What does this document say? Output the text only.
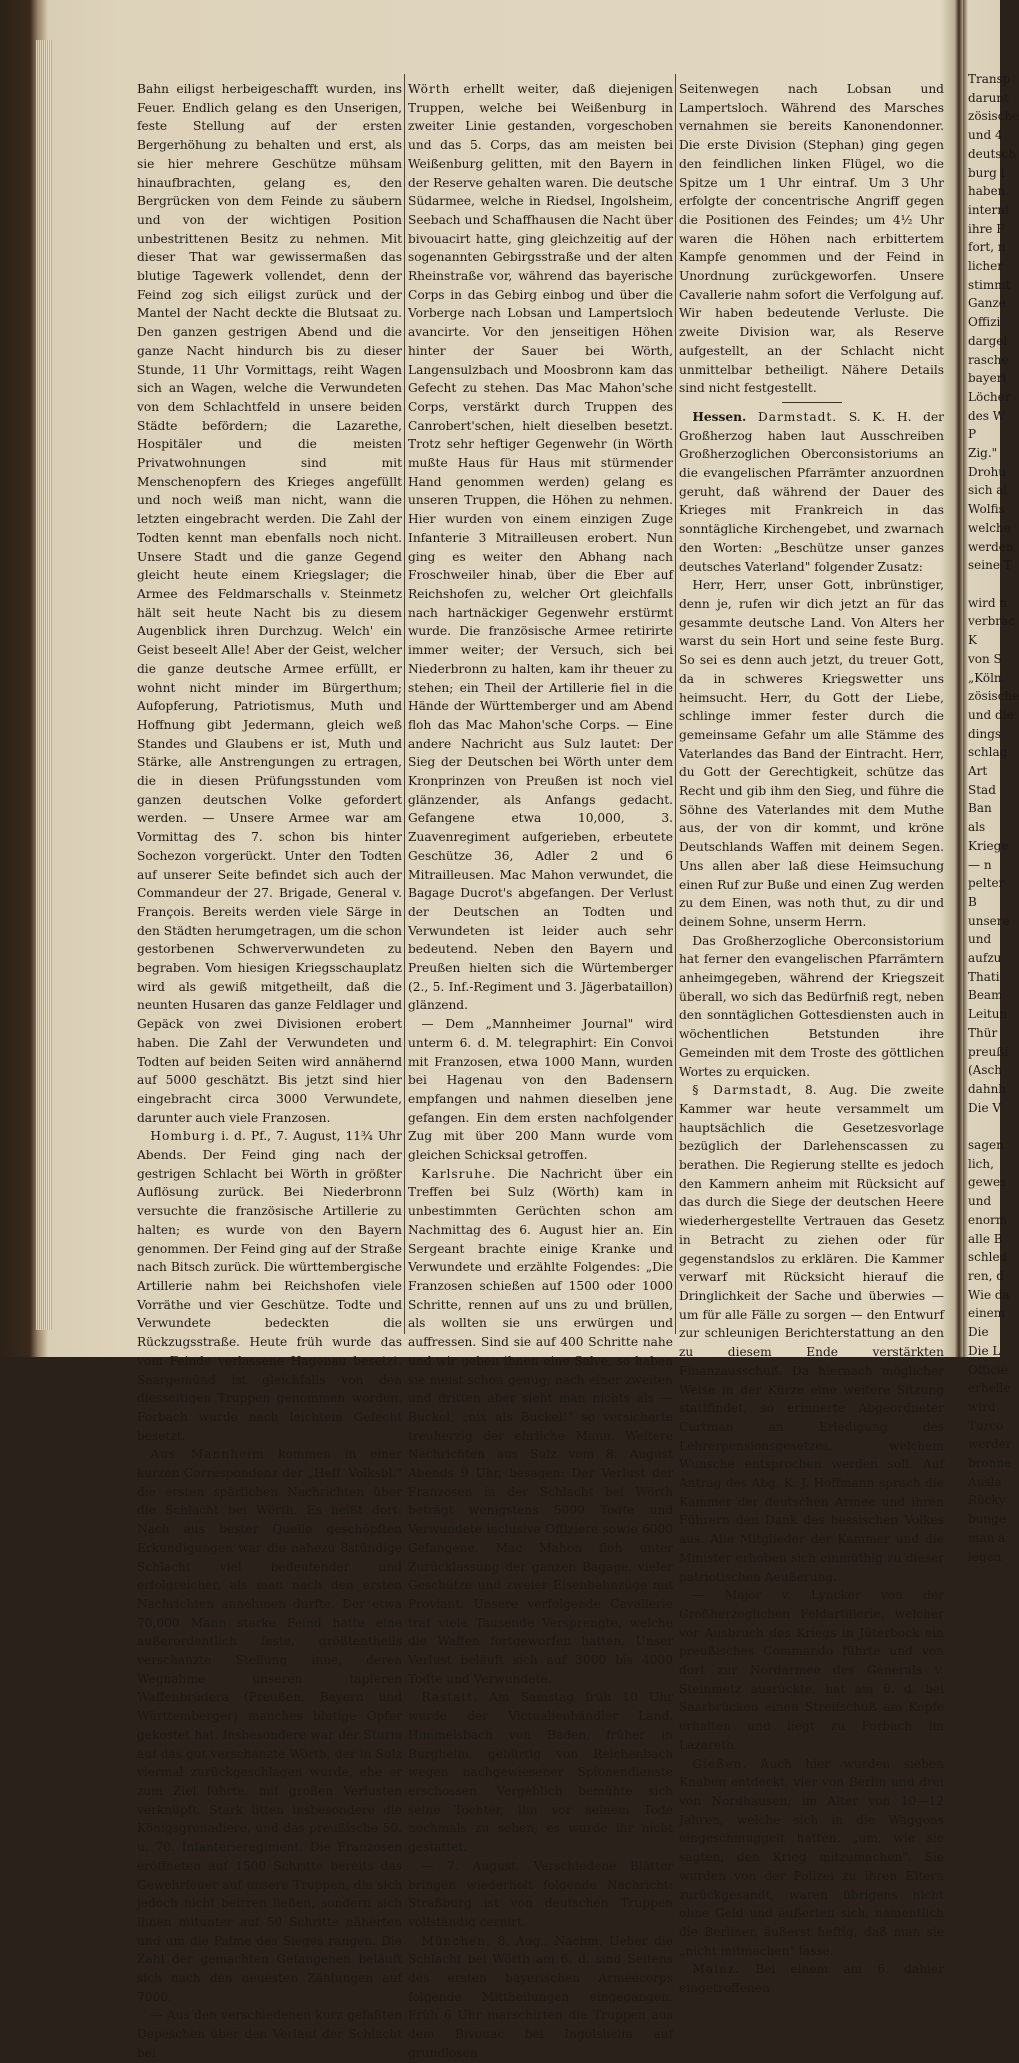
Bahn eiligst herbeigeschafft wurden, ins Feuer. Endlich gelang es den Unserigen, feste Stellung auf der ersten Bergerhöhung zu behalten und erst, als sie hier mehrere Geschütze mühsam hinaufbrachten, gelang es, den Bergrücken von dem Feinde zu säubern und von der wichtigen Position unbestrittenen Besitz zu nehmen. Mit dieser That war gewissermaßen das blutige Tagewerk vollendet, denn der Feind zog sich eiligst zurück und der Mantel der Nacht deckte die Blutsaat zu. Den ganzen gestrigen Abend und die ganze Nacht hindurch bis zu dieser Stunde, 11 Uhr Vormittags, reiht Wagen sich an Wagen, welche die Verwundeten von dem Schlachtfeld in unsere beiden Städte befördern; die Lazarethe, Hospitäler und die meisten Privatwohnungen sind mit Menschenopfern des Krieges angefüllt und noch weiß man nicht, wann die letzten eingebracht werden. Die Zahl der Todten kennt man ebenfalls noch nicht. Unsere Stadt und die ganze Gegend gleicht heute einem Kriegslager; die Armee des Feldmarschalls v. Steinmetz hält seit heute Nacht bis zu diesem Augenblick ihren Durchzug. Welch' ein Geist beseelt Alle! Aber der Geist, welcher die ganze deutsche Armee erfüllt, er wohnt nicht minder im Bürgerthum; Aufopferung, Patriotismus, Muth und Hoffnung gibt Jedermann, gleich weß Standes und Glaubens er ist, Muth und Stärke, alle Anstrengungen zu ertragen, die in diesen Prüfungsstunden vom ganzen deutschen Volke gefordert werden. — Unsere Armee war am Vormittag des 7. schon bis hinter Sochezon vorgerückt. Unter den Todten auf unserer Seite befindet sich auch der Commandeur der 27. Brigade, General v. François. Bereits werden viele Särge in den Städten herumgetragen, um die schon gestorbenen Schwerverwundeten zu begraben. Vom hiesigen Kriegsschauplatz wird als gewiß mitgetheilt, daß die neunten Husaren das ganze Feldlager und Gepäck von zwei Divisionen erobert haben. Die Zahl der Verwundeten und Todten auf beiden Seiten wird annähernd auf 5000 geschätzt. Bis jetzt sind hier eingebracht circa 3000 Verwundete, darunter auch viele Franzosen.

Homburg i. d. Pf., 7. August, 11¾ Uhr Abends. Der Feind ging nach der gestrigen Schlacht bei Wörth in größter Auflösung zurück. Bei Niederbronn versuchte die französische Artillerie zu halten; es wurde von den Bayern genommen. Der Feind ging auf der Straße nach Bitsch zurück. Die württembergische Artillerie nahm bei Reichshofen viele Vorräthe und vier Geschütze. Todte und Verwundete bedeckten die Rückzugsstraße. Heute früh wurde das vom Feinde verlassene Hagenau besetzt. Saargemünd ist gleichfalls von den diesseitigen Truppen genommen worden. Forbach wurde nach leichtem Gefecht besetzt.

Aus Mannheim kommen in einer kurzen Correspondenz der „Heff. Volksbl." die ersten spärlichen Nachrichten über die Schlacht bei Wörth. Es heißt dort: Nach aus bester Quelle geschöpften Erkundigungen war die nahezu 8stündige Schlacht viel bedeutender und erfolgreicher, als man nach den ersten Nachrichten annehmen durfte. Der etwa 70,000 Mann starke Feind hatte eine außerordentlich feste, größtentheils verschanzte Stellung inne, deren Wegnahme unseren tapferen Waffenbrüdera (Preußen, Bayern und Württemberger) manches blutige Opfer gekostet hat. Insbesondere war der Sturm auf das gut verschanzte Wörth, der in Sulz viermal zurückgeschlagen wurde, ehe er zum Ziel führte, mit großen Verlusten verknüpft. Stark litten insbesondere die Königsgrenadiere, und das preußische 50. u. 70. Infanterieregiment. Die Franzosen eröffneten auf 1500 Schritte bereits das Gewehrfeuer auf unsere Truppen, die sich jedoch nicht beirren ließen, sondern sich ihnen mitunter auf 50 Schritte näherten und um die Palme des Sieges rangen. Die Zahl der gemachten Gefangenen beläuft sich nach den neuesten Zählungen auf 7000.

— Aus den verschiedenen kurz gefaßten Depeschen über den Verlauf der Schlacht bei

Wörth erhellt weiter, daß diejenigen Truppen, welche bei Weißenburg in zweiter Linie gestanden, vorgeschoben und das 5. Corps, das am meisten bei Weißenburg gelitten, mit den Bayern in der Reserve gehalten waren. Die deutsche Südarmee, welche in Riedsel, Ingolsheim, Seebach und Schaffhausen die Nacht über bivouacirt hatte, ging gleichzeitig auf der sogenannten Gebirgsstraße und der alten Rheinstraße vor, während das bayerische Corps in das Gebirg einbog und über die Vorberge nach Lobsan und Lampertsloch avancirte. Vor den jenseitigen Höhen hinter der Sauer bei Wörth, Langensulzbach und Moosbronn kam das Gefecht zu stehen. Das Mac Mahon'sche Corps, verstärkt durch Truppen des Canrobert'schen, hielt dieselben besetzt. Trotz sehr heftiger Gegenwehr (in Wörth mußte Haus für Haus mit stürmender Hand genommen werden) gelang es unseren Truppen, die Höhen zu nehmen. Hier wurden von einem einzigen Zuge Infanterie 3 Mitrailleusen erobert. Nun ging es weiter den Abhang nach Froschweiler hinab, über die Eber auf Reichshofen zu, welcher Ort gleichfalls nach hartnäckiger Gegenwehr erstürmt wurde. Die französische Armee retirirte immer weiter; der Versuch, sich bei Niederbronn zu halten, kam ihr theuer zu stehen; ein Theil der Artillerie fiel in die Hände der Württemberger und am Abend floh das Mac Mahon'sche Corps. — Eine andere Nachricht aus Sulz lautet: Der Sieg der Deutschen bei Wörth unter dem Kronprinzen von Preußen ist noch viel glänzender, als Anfangs gedacht. Gefangene etwa 10,000, 3. Zuavenregiment aufgerieben, erbeutete Geschütze 36, Adler 2 und 6 Mitrailleusen. Mac Mahon verwundet, die Bagage Ducrot's abgefangen. Der Verlust der Deutschen an Todten und Verwundeten ist leider auch sehr bedeutend. Neben den Bayern und Preußen hielten sich die Würtemberger (2., 5. Inf.-Regiment und 3. Jägerbataillon) glänzend.

— Dem „Mannheimer Journal" wird unterm 6. d. M. telegraphirt: Ein Convoi mit Franzosen, etwa 1000 Mann, wurden bei Hagenau von den Badensern empfangen und nahmen dieselben jene gefangen. Ein dem ersten nachfolgender Zug mit über 200 Mann wurde vom gleichen Schicksal getroffen.

Karlsruhe. Die Nachricht über ein Treffen bei Sulz (Wörth) kam in unbestimmten Gerüchten schon am Nachmittag des 6. August hier an. Ein Sergeant brachte einige Kranke und Verwundete und erzählte Folgendes: „Die Franzosen schießen auf 1500 oder 1000 Schritte, rennen auf uns zu und brüllen, als wollten sie uns erwürgen und auffressen. Sind sie auf 400 Schritte nahe und wir geben ihnen eine Salve, so haben sie meist schon genug; nach einer zweiten und dritten aber sieht man nichts als — Buckel, „nix als Buckel!" so versicherte treuherzig der ehrliche Mann. Weitere Nachrichten aus Sulz vom 8. August Abends 9 Uhr, besagen: Der Verlust der Franzosen in der Schlacht bei Wörth beträgt wenigstens 5000 Todte und Verwundete inclusive Offiziere sowie 6000 Gefangene. Mac Mahon floh unter Zurücklassung der ganzen Bagage, vieler Geschütze und zweier Eisenbahnzüge mit Proviant. Unsere verfolgende Cavallerie traf viele Tausende Versprengte, welche die Waffen fortgeworfen hatten. Unser Verlust beläuft sich auf 3000 bis 4000 Todte und Verwundete.

Rastatt. Am Samstag früh 10 Uhr wurde der Victualienhändler Land. Himmelsbach von Baden, früher in Burgheim, gebürtig von Reichenbach wegen nachgewiesener Spionendienste erschossen. Vergeblich bemühte sich seine Tochter, ihn vor seinem Tode nochmals zu sehen; es wurde ihr nicht gestattet.

— 7. August. Verschiedene Blätter bringen wiederholt folgende Nachricht: Straßburg ist von deutschen Truppen vollständig cernirt.

München, 8. Aug., Nachm. Ueber die Schlacht bei Wörth am 6. d. sind Seitens des ersten bayerischen Armeecorps folgende Mittheilungen eingegangen. Früh 6 Uhr marschirten die Truppen aus dem Bivouac bei Ingolsheim auf grundlosen

Seitenwegen nach Lobsan und Lampertsloch. Während des Marsches vernahmen sie bereits Kanonendonner. Die erste Division (Stephan) ging gegen den feindlichen linken Flügel, wo die Spitze um 1 Uhr eintraf. Um 3 Uhr erfolgte der concentrische Angriff gegen die Positionen des Feindes; um 4½ Uhr waren die Höhen nach erbittertem Kampfe genommen und der Feind in Unordnung zurückgeworfen. Unsere Cavallerie nahm sofort die Verfolgung auf. Wir haben bedeutende Verluste. Die zweite Division war, als Reserve aufgestellt, an der Schlacht nicht unmittelbar betheiligt. Nähere Details sind nicht festgestellt.

Hessen. Darmstadt. S. K. H. der Großherzog haben laut Ausschreiben Großherzoglichen Oberconsistoriums an die evangelischen Pfarrämter anzuordnen geruht, daß während der Dauer des Krieges mit Frankreich in das sonntägliche Kirchengebet, und zwarnach den Worten: „Beschütze unser ganzes deutsches Vaterland" folgender Zusatz:

Herr, Herr, unser Gott, inbrünstiger, denn je, rufen wir dich jetzt an für das gesammte deutsche Land. Von Alters her warst du sein Hort und seine feste Burg. So sei es denn auch jetzt, du treuer Gott, da in schweres Kriegswetter uns heimsucht. Herr, du Gott der Liebe, schlinge immer fester durch die gemeinsame Gefahr um alle Stämme des Vaterlandes das Band der Eintracht. Herr, du Gott der Gerechtigkeit, schütze das Recht und gib ihm den Sieg, und führe die Söhne des Vaterlandes mit dem Muthe aus, der von dir kommt, und kröne Deutschlands Waffen mit deinem Segen. Uns allen aber laß diese Heimsuchung einen Ruf zur Buße und einen Zug werden zu dem Einen, was noth thut, zu dir und deinem Sohne, unserm Herrn.

Das Großherzogliche Oberconsistorium hat ferner den evangelischen Pfarrämtern anheimgegeben, während der Kriegszeit überall, wo sich das Bedürfniß regt, neben den sonntäglichen Gottesdiensten auch in wöchentlichen Betstunden ihre Gemeinden mit dem Troste des göttlichen Wortes zu erquicken.

§ Darmstadt, 8. Aug. Die zweite Kammer war heute versammelt um hauptsächlich die Gesetzesvorlage bezüglich der Darlehenscassen zu berathen. Die Regierung stellte es jedoch den Kammern anheim mit Rücksicht auf das durch die Siege der deutschen Heere wiederhergestellte Vertrauen das Gesetz in Betracht zu ziehen oder für gegenstandslos zu erklären. Die Kammer verwarf mit Rücksicht hierauf die Dringlichkeit der Sache und überwies — um für alle Fälle zu sorgen — den Entwurf zur schleunigen Berichterstattung an den zu diesem Ende verstärkten Finanzausschuß. Da hiernach möglicher Weise in der Kürze eine weitere Sitzung stattfindet, so erinnerte Abgeordneter Curtman an Erledigung des Lehrerpensionsgesetzes, welchem Wunsche entsprochen werden soll. Auf Antrag des Abg. K. J. Hoffmann sprach die Kammer der deutschen Armee und ihren Führern den Dank des hessischen Volkes aus. Alle Mitglieder der Kammer und die Minister erhoben sich einmüthig zu dieser patriotischen Aeußerung.

— Major v. Lyncker von der Großherzoglichen Feldartillerie, welcher vor Ausbruch des Kriegs in Jüterbock ein preußisches Commando führte und von dort zur Nordarmee des Generals v. Steinmetz ausrückte, hat am 6. d. bei Saarbrücken einen Streifschuß am Kopfe erhalten und liegt zu Forbach im Lazareth.

Gießen. Auch hier wurden sieben Knaben entdeckt, vier von Berlin und drei von Nordhausen, im Alter von 10—12 Jahren, welche sich in die Waggons eingeschmuggelt hatten, „um, wie sie sagten, den Krieg mitzumachen". Sie wurden von der Polizei zu ihren Eltern zurückgesandt, waren übrigens nicht ohne Geld und äußerten sich, namentlich die Berliner, äußerst heftig, daß man sie „nicht mitmachen" lasse.

Mainz. Bei einem am 6. dahier eingetroffenen

Transp
darunt
zösische
und 4
deutsch
burg i
haben.
interni
ihre F
fort, n
licher
stimmt
Ganze
Offizi
dargel
rasche
bayeri
Löcher
des W
P
Zig."
Drohu
sich al
Wolfis
welche
werden
seine T

wird n
verbrac
K
von S
„Köln.
zösische
und die
dings
schlag
Art
Stad
Ban
als
Kriege
— n
pelter
B
unsere
und
aufzu
Thati
Beam
Leitun
Thür
preußi
(Asch
dahnh
Die V

sagen
lich,
gewes
und
enorm
alle B
schled
ren, d
Wie da
einem
Die
Die L
Officie
erhelle
wird
Turco
werder
bronne
Ausla
Rücky
bunge
man a
legen
